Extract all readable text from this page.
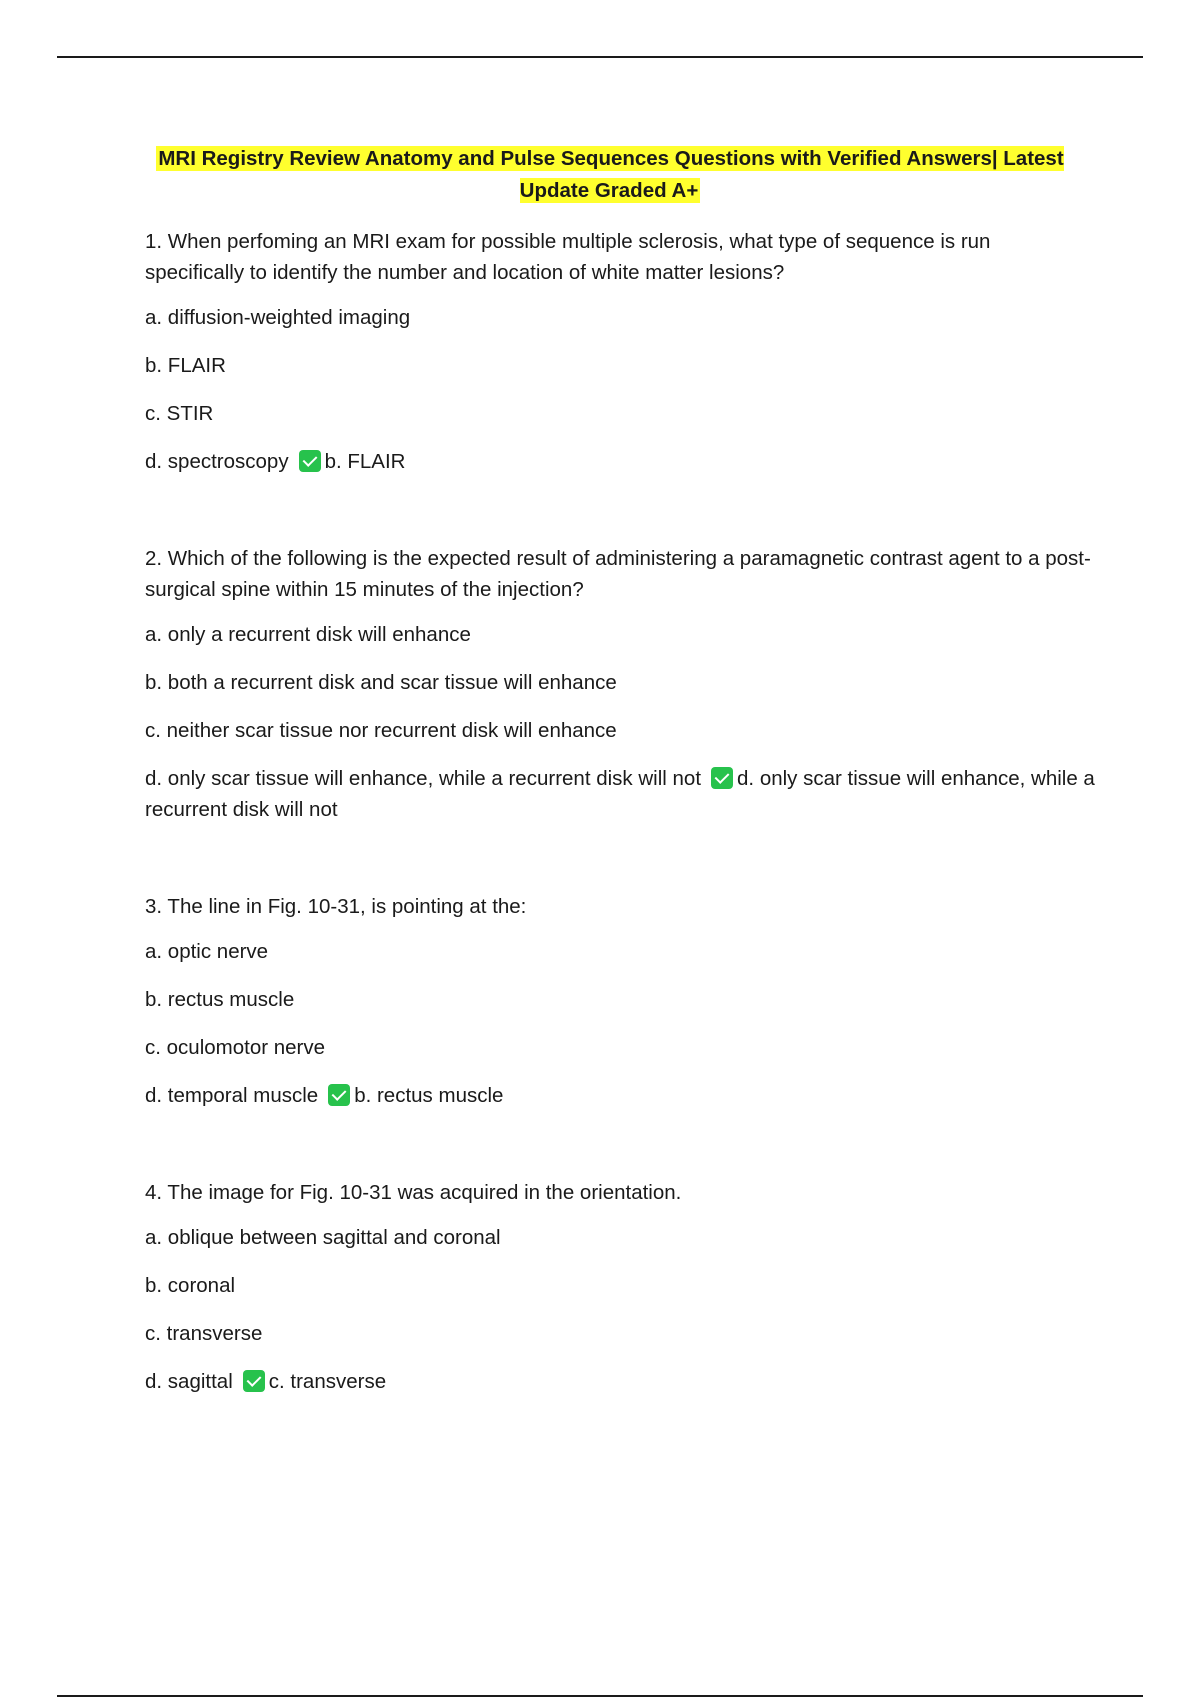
MRI Registry Review Anatomy and Pulse Sequences Questions with Verified Answers| Latest Update Graded A+

1. When perfoming an MRI exam for possible multiple sclerosis, what type of sequence is run specifically to identify the number and location of white matter lesions?

a. diffusion-weighted imaging

b. FLAIR

c. STIR

d. spectroscopy b. FLAIR

2. Which of the following is the expected result of administering a paramagnetic contrast agent to a post-surgical spine within 15 minutes of the injection?

a. only a recurrent disk will enhance

b. both a recurrent disk and scar tissue will enhance

c. neither scar tissue nor recurrent disk will enhance

d. only scar tissue will enhance, while a recurrent disk will not d. only scar tissue will enhance, while a recurrent disk will not

3. The line in Fig. 10-31, is pointing at the:

a. optic nerve

b. rectus muscle

c. oculomotor nerve

d. temporal muscle b. rectus muscle

4. The image for Fig. 10-31 was acquired in the orientation.

a. oblique between sagittal and coronal

b. coronal

c. transverse

d. sagittal c. transverse
